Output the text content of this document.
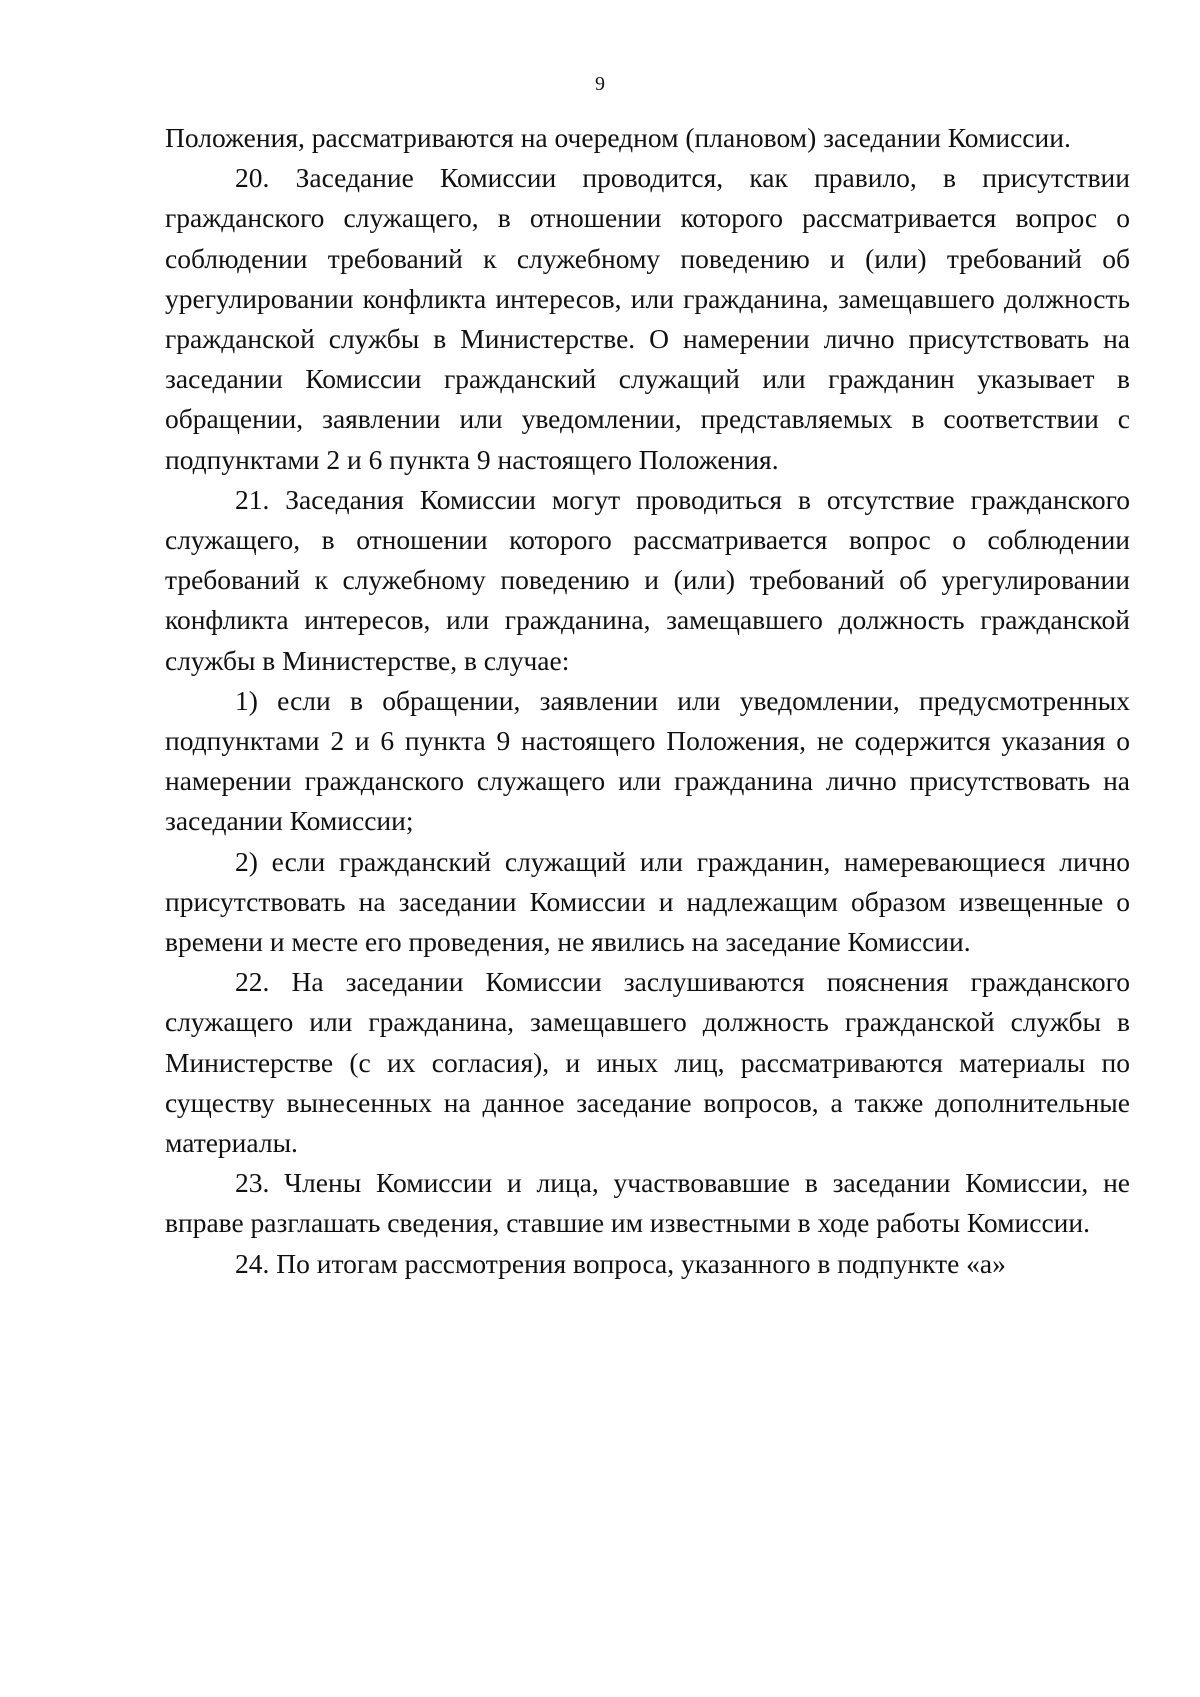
9

Положения, рассматриваются на очередном (плановом) заседании Комиссии.

20. Заседание Комиссии проводится, как правило, в присутствии гражданского служащего, в отношении которого рассматривается вопрос о соблюдении требований к служебному поведению и (или) требований об урегулировании конфликта интересов, или гражданина, замещавшего должность гражданской службы в Министерстве. О намерении лично присутствовать на заседании Комиссии гражданский служащий или гражданин указывает в обращении, заявлении или уведомлении, представляемых в соответствии с подпунктами 2 и 6 пункта 9 настоящего Положения.

21. Заседания Комиссии могут проводиться в отсутствие гражданского служащего, в отношении которого рассматривается вопрос о соблюдении требований к служебному поведению и (или) требований об урегулировании конфликта интересов, или гражданина, замещавшего должность гражданской службы в Министерстве, в случае:

1) если в обращении, заявлении или уведомлении, предусмотренных подпунктами 2 и 6 пункта 9 настоящего Положения, не содержится указания о намерении гражданского служащего или гражданина лично присутствовать на заседании Комиссии;

2) если гражданский служащий или гражданин, намеревающиеся лично присутствовать на заседании Комиссии и надлежащим образом извещенные о времени и месте его проведения, не явились на заседание Комиссии.

22. На заседании Комиссии заслушиваются пояснения гражданского служащего или гражданина, замещавшего должность гражданской службы в Министерстве (с их согласия), и иных лиц, рассматриваются материалы по существу вынесенных на данное заседание вопросов, а также дополнительные материалы.

23. Члены Комиссии и лица, участвовавшие в заседании Комиссии, не вправе разглашать сведения, ставшие им известными в ходе работы Комиссии.

24. По итогам рассмотрения вопроса, указанного в подпункте «а»
